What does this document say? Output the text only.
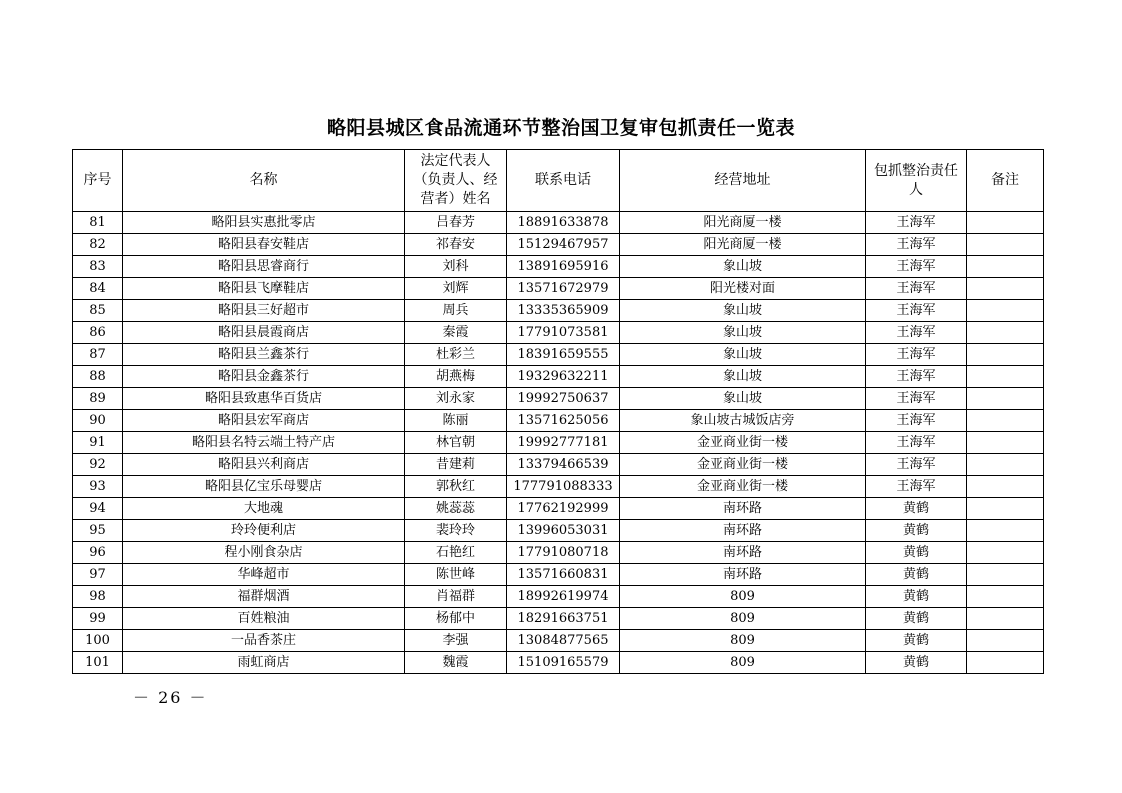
略阳县城区食品流通环节整治国卫复审包抓责任一览表
序号	名称	法定代表人（负责人、经营者）姓名	联系电话	经营地址	包抓整治责任人	备注
81	略阳县实惠批零店	吕春芳	18891633878	阳光商厦一楼	王海军	
82	略阳县春安鞋店	祁春安	15129467957	阳光商厦一楼	王海军	
83	略阳县思睿商行	刘科	13891695916	象山坡	王海军	
84	略阳县飞摩鞋店	刘辉	13571672979	阳光楼对面	王海军	
85	略阳县三好超市	周兵	13335365909	象山坡	王海军	
86	略阳县晨霞商店	秦霞	17791073581	象山坡	王海军	
87	略阳县兰鑫茶行	杜彩兰	18391659555	象山坡	王海军	
88	略阳县金鑫茶行	胡燕梅	19329632211	象山坡	王海军	
89	略阳县致惠华百货店	刘永家	19992750637	象山坡	王海军	
90	略阳县宏军商店	陈丽	13571625056	象山坡古城饭店旁	王海军	
91	略阳县名特云端土特产店	林官朝	19992777181	金亚商业街一楼	王海军	
92	略阳县兴利商店	昔建莉	13379466539	金亚商业街一楼	王海军	
93	略阳县亿宝乐母婴店	郭秋红	177791088333	金亚商业街一楼	王海军	
94	大地魂	姚蕊蕊	17762192999	南环路	黄鹤	
95	玲玲便利店	裴玲玲	13996053031	南环路	黄鹤	
96	程小刚食杂店	石艳红	17791080718	南环路	黄鹤	
97	华峰超市	陈世峰	13571660831	南环路	黄鹤	
98	福群烟酒	肖福群	18992619974	809	黄鹤	
99	百姓粮油	杨郁中	18291663751	809	黄鹤	
100	一品香茶庄	李强	13084877565	809	黄鹤	
101	雨虹商店	魏霞	15109165579	809	黄鹤	
－ 26 －
